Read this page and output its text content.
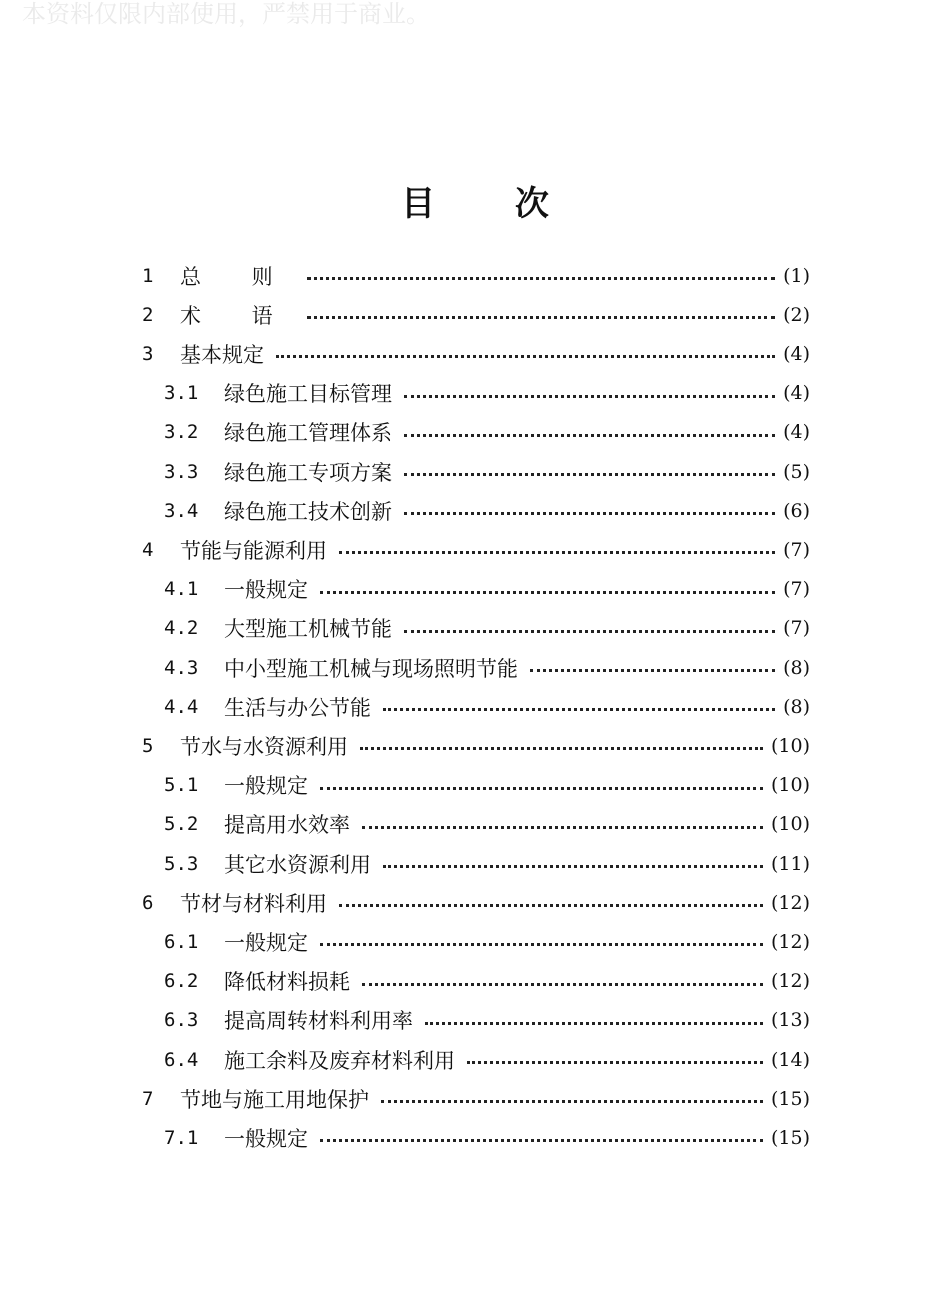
本资料仅限内部使用，严禁用于商业。
目 次
1	总 则	(1)
2	术 语	(2)
3	基本规定	(4)
3.1	绿色施工目标管理	(4)
3.2	绿色施工管理体系	(4)
3.3	绿色施工专项方案	(5)
3.4	绿色施工技术创新	(6)
4	节能与能源利用	(7)
4.1	一般规定	(7)
4.2	大型施工机械节能	(7)
4.3	中小型施工机械与现场照明节能	(8)
4.4	生活与办公节能	(8)
5	节水与水资源利用	(10)
5.1	一般规定	(10)
5.2	提高用水效率	(10)
5.3	其它水资源利用	(11)
6	节材与材料利用	(12)
6.1	一般规定	(12)
6.2	降低材料损耗	(12)
6.3	提高周转材料利用率	(13)
6.4	施工余料及废弃材料利用	(14)
7	节地与施工用地保护	(15)
7.1	一般规定	(15)
